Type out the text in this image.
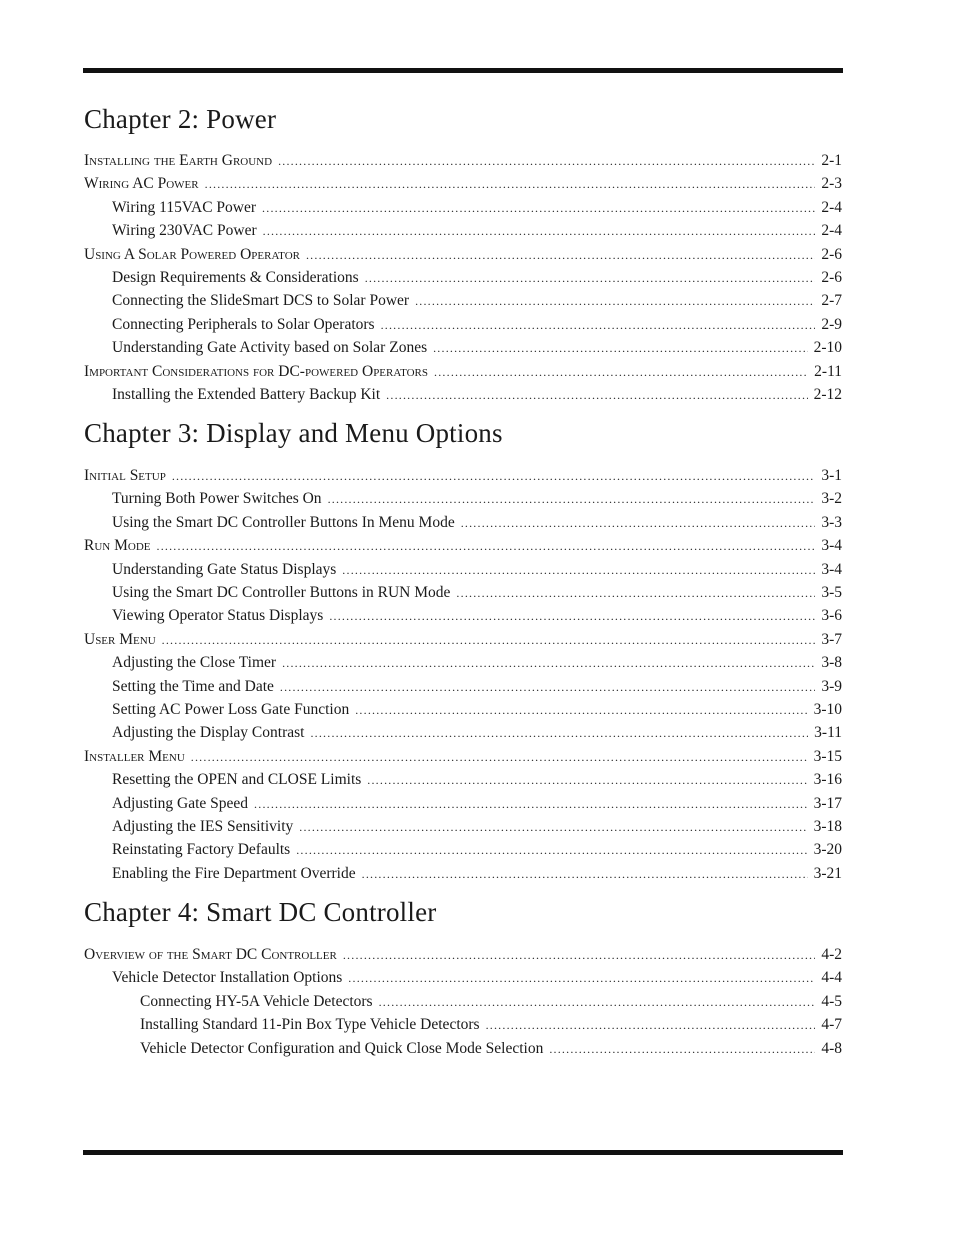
Chapter 2: Power
Installing the Earth Ground .....	2-1
Wiring AC Power .....	2-3
Wiring 115VAC Power .....	2-4
Wiring 230VAC Power .....	2-4
Using A Solar Powered Operator .....	2-6
Design Requirements & Considerations .....	2-6
Connecting the SlideSmart DCS to Solar Power .....	2-7
Connecting Peripherals to Solar Operators .....	2-9
Understanding Gate Activity based on Solar Zones .....	2-10
Important Considerations for DC-powered Operators .....	2-11
Installing the Extended Battery Backup Kit .....	2-12
Chapter 3: Display and Menu Options
Initial Setup .....	3-1
Turning Both Power Switches On .....	3-2
Using the Smart DC Controller Buttons In Menu Mode .....	3-3
Run Mode .....	3-4
Understanding Gate Status Displays .....	3-4
Using the Smart DC Controller Buttons in RUN Mode .....	3-5
Viewing Operator Status Displays .....	3-6
User Menu .....	3-7
Adjusting the Close Timer .....	3-8
Setting the Time and Date .....	3-9
Setting AC Power Loss Gate Function .....	3-10
Adjusting the Display Contrast .....	3-11
Installer Menu .....	3-15
Resetting the OPEN and CLOSE Limits .....	3-16
Adjusting Gate Speed .....	3-17
Adjusting the IES Sensitivity .....	3-18
Reinstating Factory Defaults .....	3-20
Enabling the Fire Department Override .....	3-21
Chapter 4: Smart DC Controller
Overview of the Smart DC Controller .....	4-2
Vehicle Detector Installation Options .....	4-4
Connecting HY-5A Vehicle Detectors .....	4-5
Installing Standard 11-Pin Box Type Vehicle Detectors .....	4-7
Vehicle Detector Configuration and Quick Close Mode Selection .....	4-8
